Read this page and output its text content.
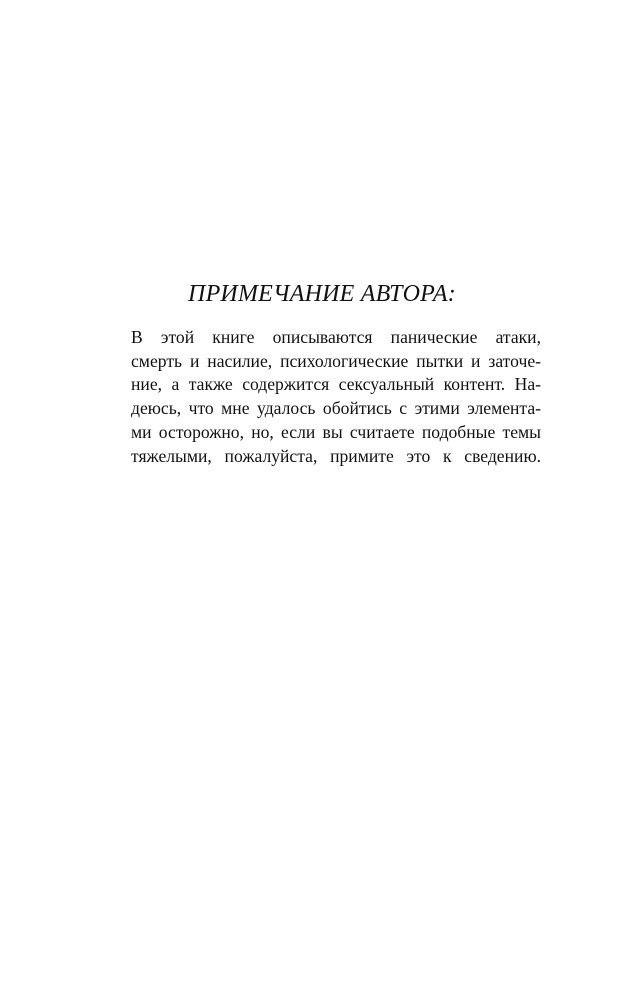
ПРИМЕЧАНИЕ АВТОРА:
В этой книге описываются панические атаки,
смерть и насилие, психологические пытки и заточе-
ние, а также содержится сексуальный контент. На-
деюсь, что мне удалось обойтись с этими элемента-
ми осторожно, но, если вы считаете подобные темы
тяжелыми, пожалуйста, примите это к сведению.
